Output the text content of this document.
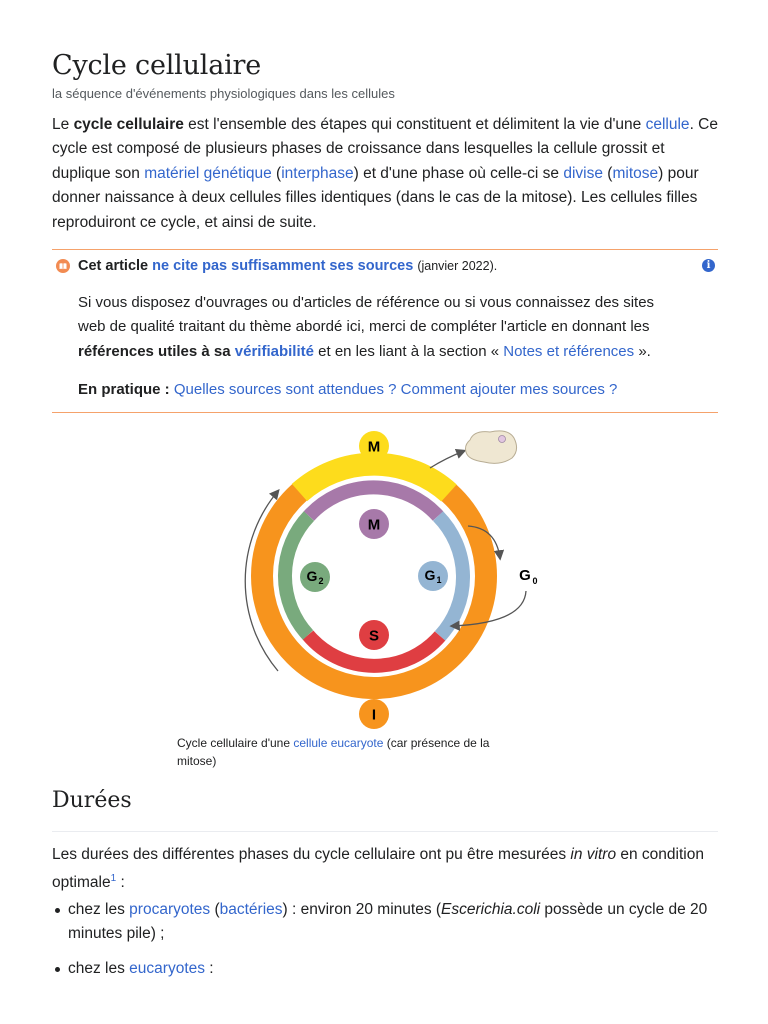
Cycle cellulaire
la séquence d'événements physiologiques dans les cellules

Le cycle cellulaire est l'ensemble des étapes qui constituent et délimitent la vie d'une cellule. Ce cycle est composé de plusieurs phases de croissance dans lesquelles la cellule grossit et duplique son matériel génétique (interphase) et d'une phase où celle-ci se divise (mitose) pour donner naissance à deux cellules filles identiques (dans le cas de la mitose). Les cellules filles reproduiront ce cycle, et ainsi de suite.

Cet article ne cite pas suffisamment ses sources (janvier 2022).	i
Si vous disposez d'ouvrages ou d'articles de référence ou si vous connaissez des sites web de qualité traitant du thème abordé ici, merci de compléter l'article en donnant les références utiles à sa vérifiabilité et en les liant à la section « Notes et références ».
En pratique : Quelles sources sont attendues ? Comment ajouter mes sources ?
M
I
M
S
G 2	G 1	G 0
Cycle cellulaire d'une cellule eucaryote (car présence de la mitose)
Durées

Les durées des différentes phases du cycle cellulaire ont pu être mesurées in vitro en condition optimale$^1$ :

chez les procaryotes (bactéries) : environ 20 minutes (Escerichia.coli possède un cycle de 20 minutes pile) ;
chez les eucaryotes :
